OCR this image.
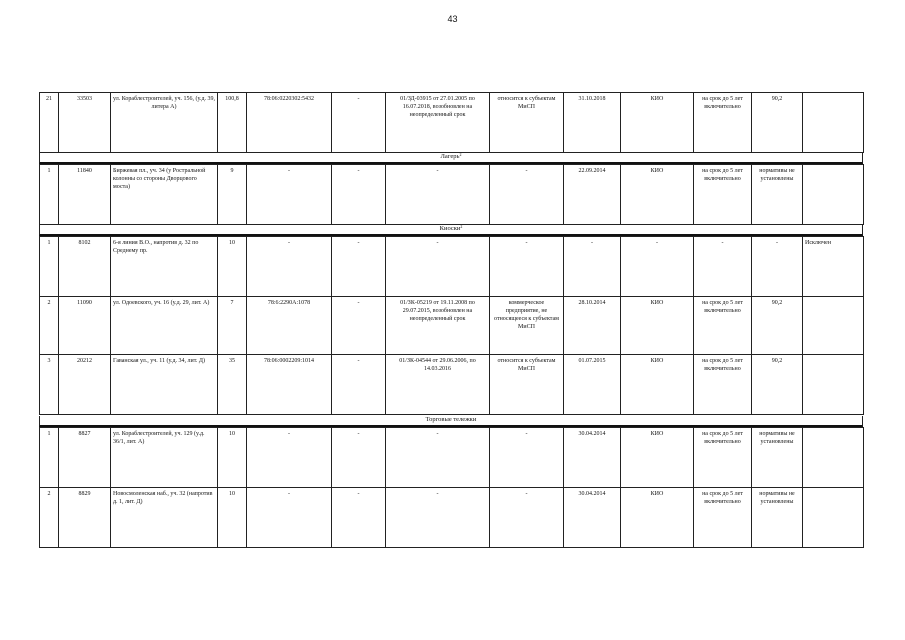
43
21	33503	ул. Кораблестроителей, уч. 156, (у.д. 39, литера А)	100,8	78:06:0220302:5432	-	01/ЗД-03915 от 27.01.2005 по 16.07.2018, возобновлен на неопределенный срок	относится к субъектам МиСП	31.10.2018	КИО	на срок до 5 лет включительно	90,2	
Лагерь$^2$
1	11840	Биржевая пл., уч. 34 (у Ростральной колонны со стороны Дворцового моста)	9	-	-	-	-	22.09.2014	КИО	на срок до 5 лет включительно	нормативы не установлены	
Киоски$^2$
1	8102	6-я линия В.О., напротив д. 32 по Среднему пр.	10	-	-	-	-	-	-	-	-	Исключен
2	11090	ул. Одоевского, уч. 16 (у.д. 29, лит. А)	7	78:6:2290А:1078	-	01/ЗК-05219 от 19.11.2008 по 29.07.2015, возобновлен на неопределенный срок	коммерческое предприятие, не относящееся к субъектам МиСП	28.10.2014	КИО	на срок до 5 лет включительно	90,2	
3	20212	Гаванская ул., уч. 11 (у.д. 34, лит. Д)	35	78:06:0002209:1014	-	01/ЗК-04544 от 29.06.2006, по 14.03.2016	относится к субъектам МиСП	01.07.2015	КИО	на срок до 5 лет включительно	90,2	
Торговые тележки
1	8827	ул. Кораблестроителей, уч. 129 (у.д. 36/1, лит. А)	10	-	-	-	-	30.04.2014	КИО	на срок до 5 лет включительно	нормативы не установлены	
2	8829	Новосмоленская наб., уч. 32 (напротив д. 1, лит. Д)	10	-	-	-	-	30.04.2014	КИО	на срок до 5 лет включительно	нормативы не установлены	
